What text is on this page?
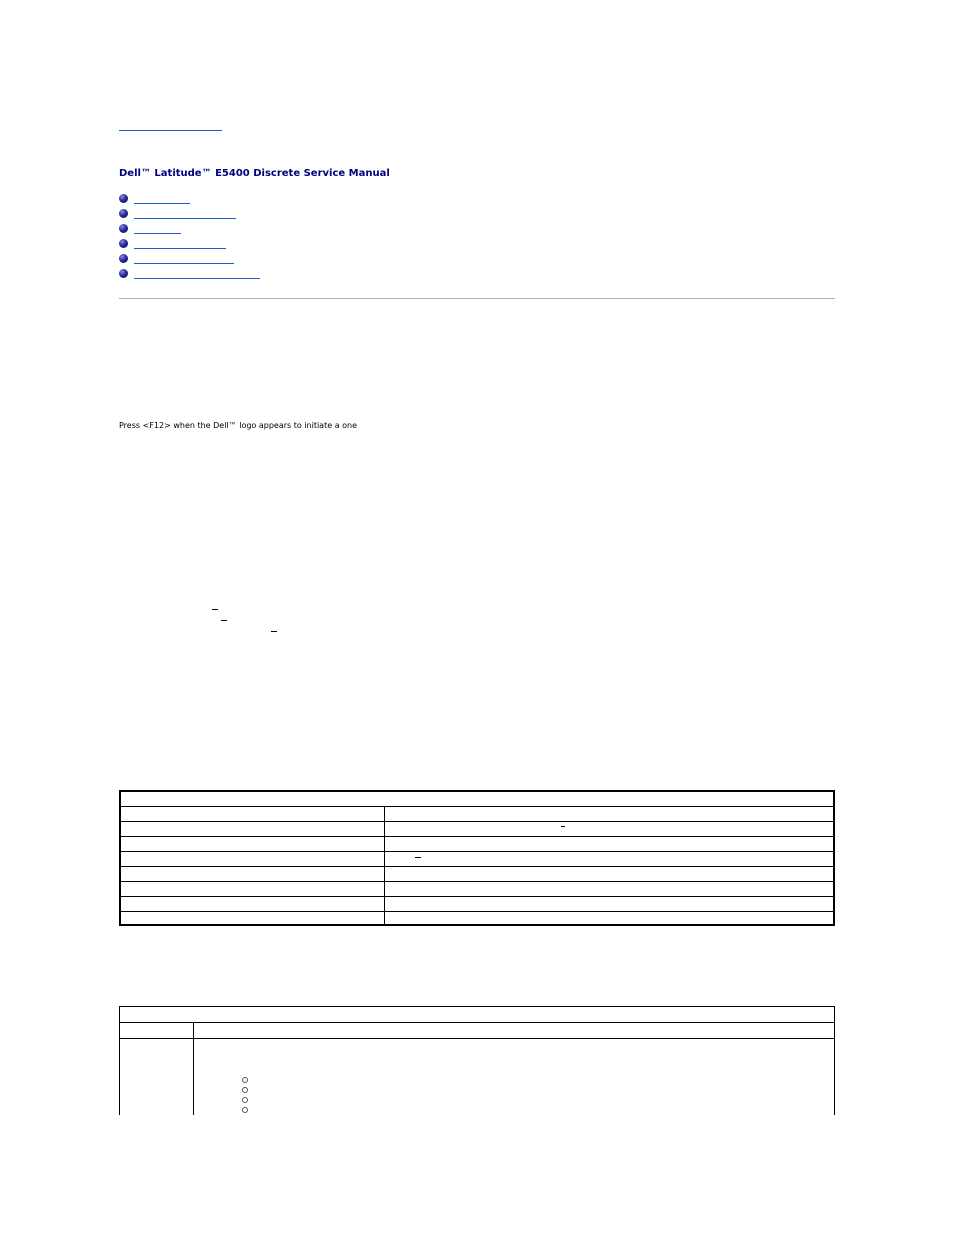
Dell™ Latitude™ E5400 Discrete Service Manual
Press <F12> when the Dell™ logo appears to initiate a one
